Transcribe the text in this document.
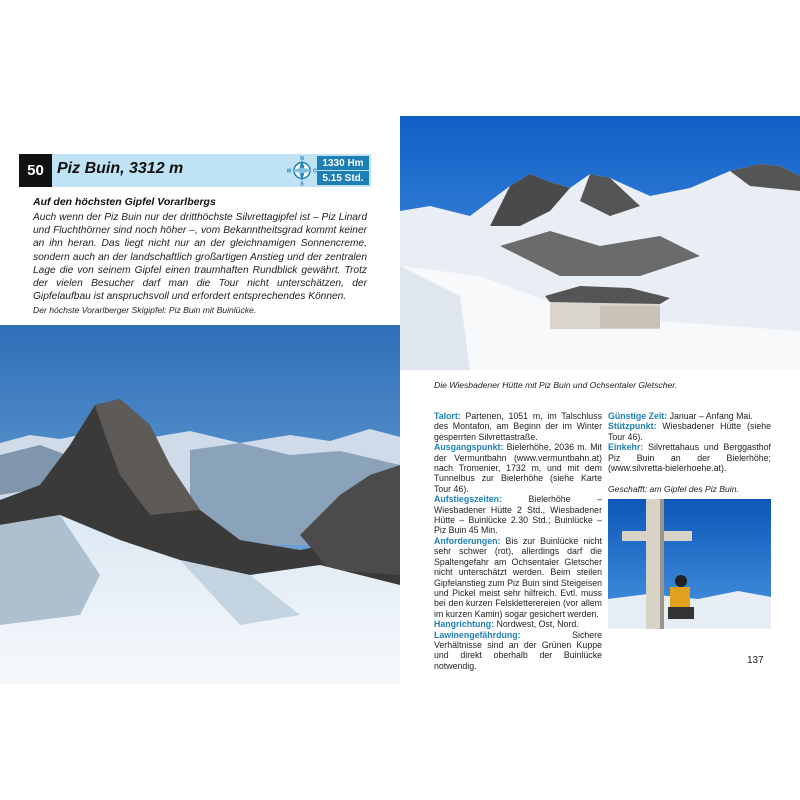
50 Piz Buin, 3312 m
N
S
W	O
1330 Hm
5.15 Std.
Auf den höchsten Gipfel Vorarlbergs
Auch wenn der Piz Buin nur der dritthöchste Silvrettagipfel ist – Piz Linard und Fluchthörner sind noch höher –, vom Bekanntheitsgrad kommt keiner an ihn heran. Das liegt nicht nur an der gleichnamigen Sonnencreme, sondern auch an der landschaftlich großartigen Anstieg und der zentralen Lage die von seinem Gipfel einen traumhaften Rundblick gewährt. Trotz der vielen Besucher darf man die Tour nicht unterschätzen, der Gipfelaufbau ist anspruchsvoll und erfordert entsprechendes Können.
Der höchste Vorarlberger Skigipfel: Piz Buin mit Buinlücke.
Die Wiesbadener Hütte mit Piz Buin und Ochsentaler Gletscher.

Talort: Partenen, 1051 m, im Talschluss des Montafon, am Beginn der im Winter gesperrten Silvrettastraße.

Ausgangspunkt: Bielerhöhe, 2036 m. Mit der Vermuntbahn (www.vermuntbahn.at) nach Tromenier, 1732 m, und mit dem Tunnelbus zur Bielerhöhe (siehe Karte Tour 46).

Aufstiegszeiten: Bielerhöhe – Wiesbadener Hütte 2 Std., Wiesbadener Hütte – Buinlücke 2.30 Std.; Buinlücke – Piz Buin 45 Min.

Anforderungen: Bis zur Buinlücke nicht sehr schwer (rot), allerdings darf die Spaltengefahr am Ochsentaler Gletscher nicht unterschätzt werden. Beim steilen Gipfelanstieg zum Piz Buin sind Steigeisen und Pickel meist sehr hilfreich. Evtl. muss bei den kurzen Felskletterereien (vor allem im kurzen Kamin) sogar gesichert werden.

Hangrichtung: Nordwest, Ost, Nord.

Lawinengefährdung: Sichere Verhältnisse sind an der Grünen Kuppe und direkt oberhalb der Buinlücke notwendig.

Günstige Zeit: Januar – Anfang Mai.

Stützpunkt: Wiesbadener Hütte (siehe Tour 46).

Einkehr: Silvrettahaus und Berggasthof Piz Buin an der Bielerhöhe; (www.silvretta-bielerhoehe.at).

Geschafft: am Gipfel des Piz Buin.
137
